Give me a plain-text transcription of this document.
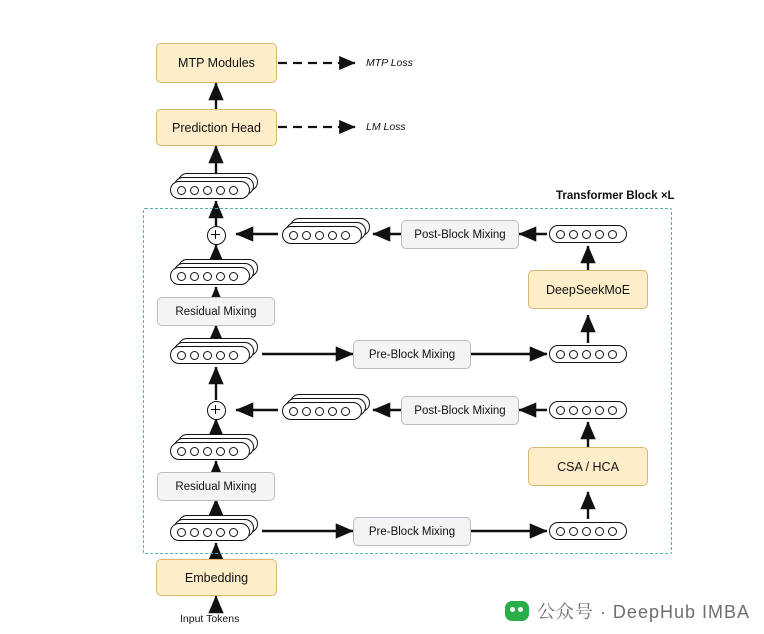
Transformer Block ×L
MTP Modules
Prediction Head
Embedding
Post-Block Mixing
Post-Block Mixing
Pre-Block Mixing
Pre-Block Mixing
Residual Mixing
Residual Mixing
DeepSeekMoE
CSA / HCA
MTP Loss
LM Loss
Input Tokens	公众号 · DeepHub IMBA
